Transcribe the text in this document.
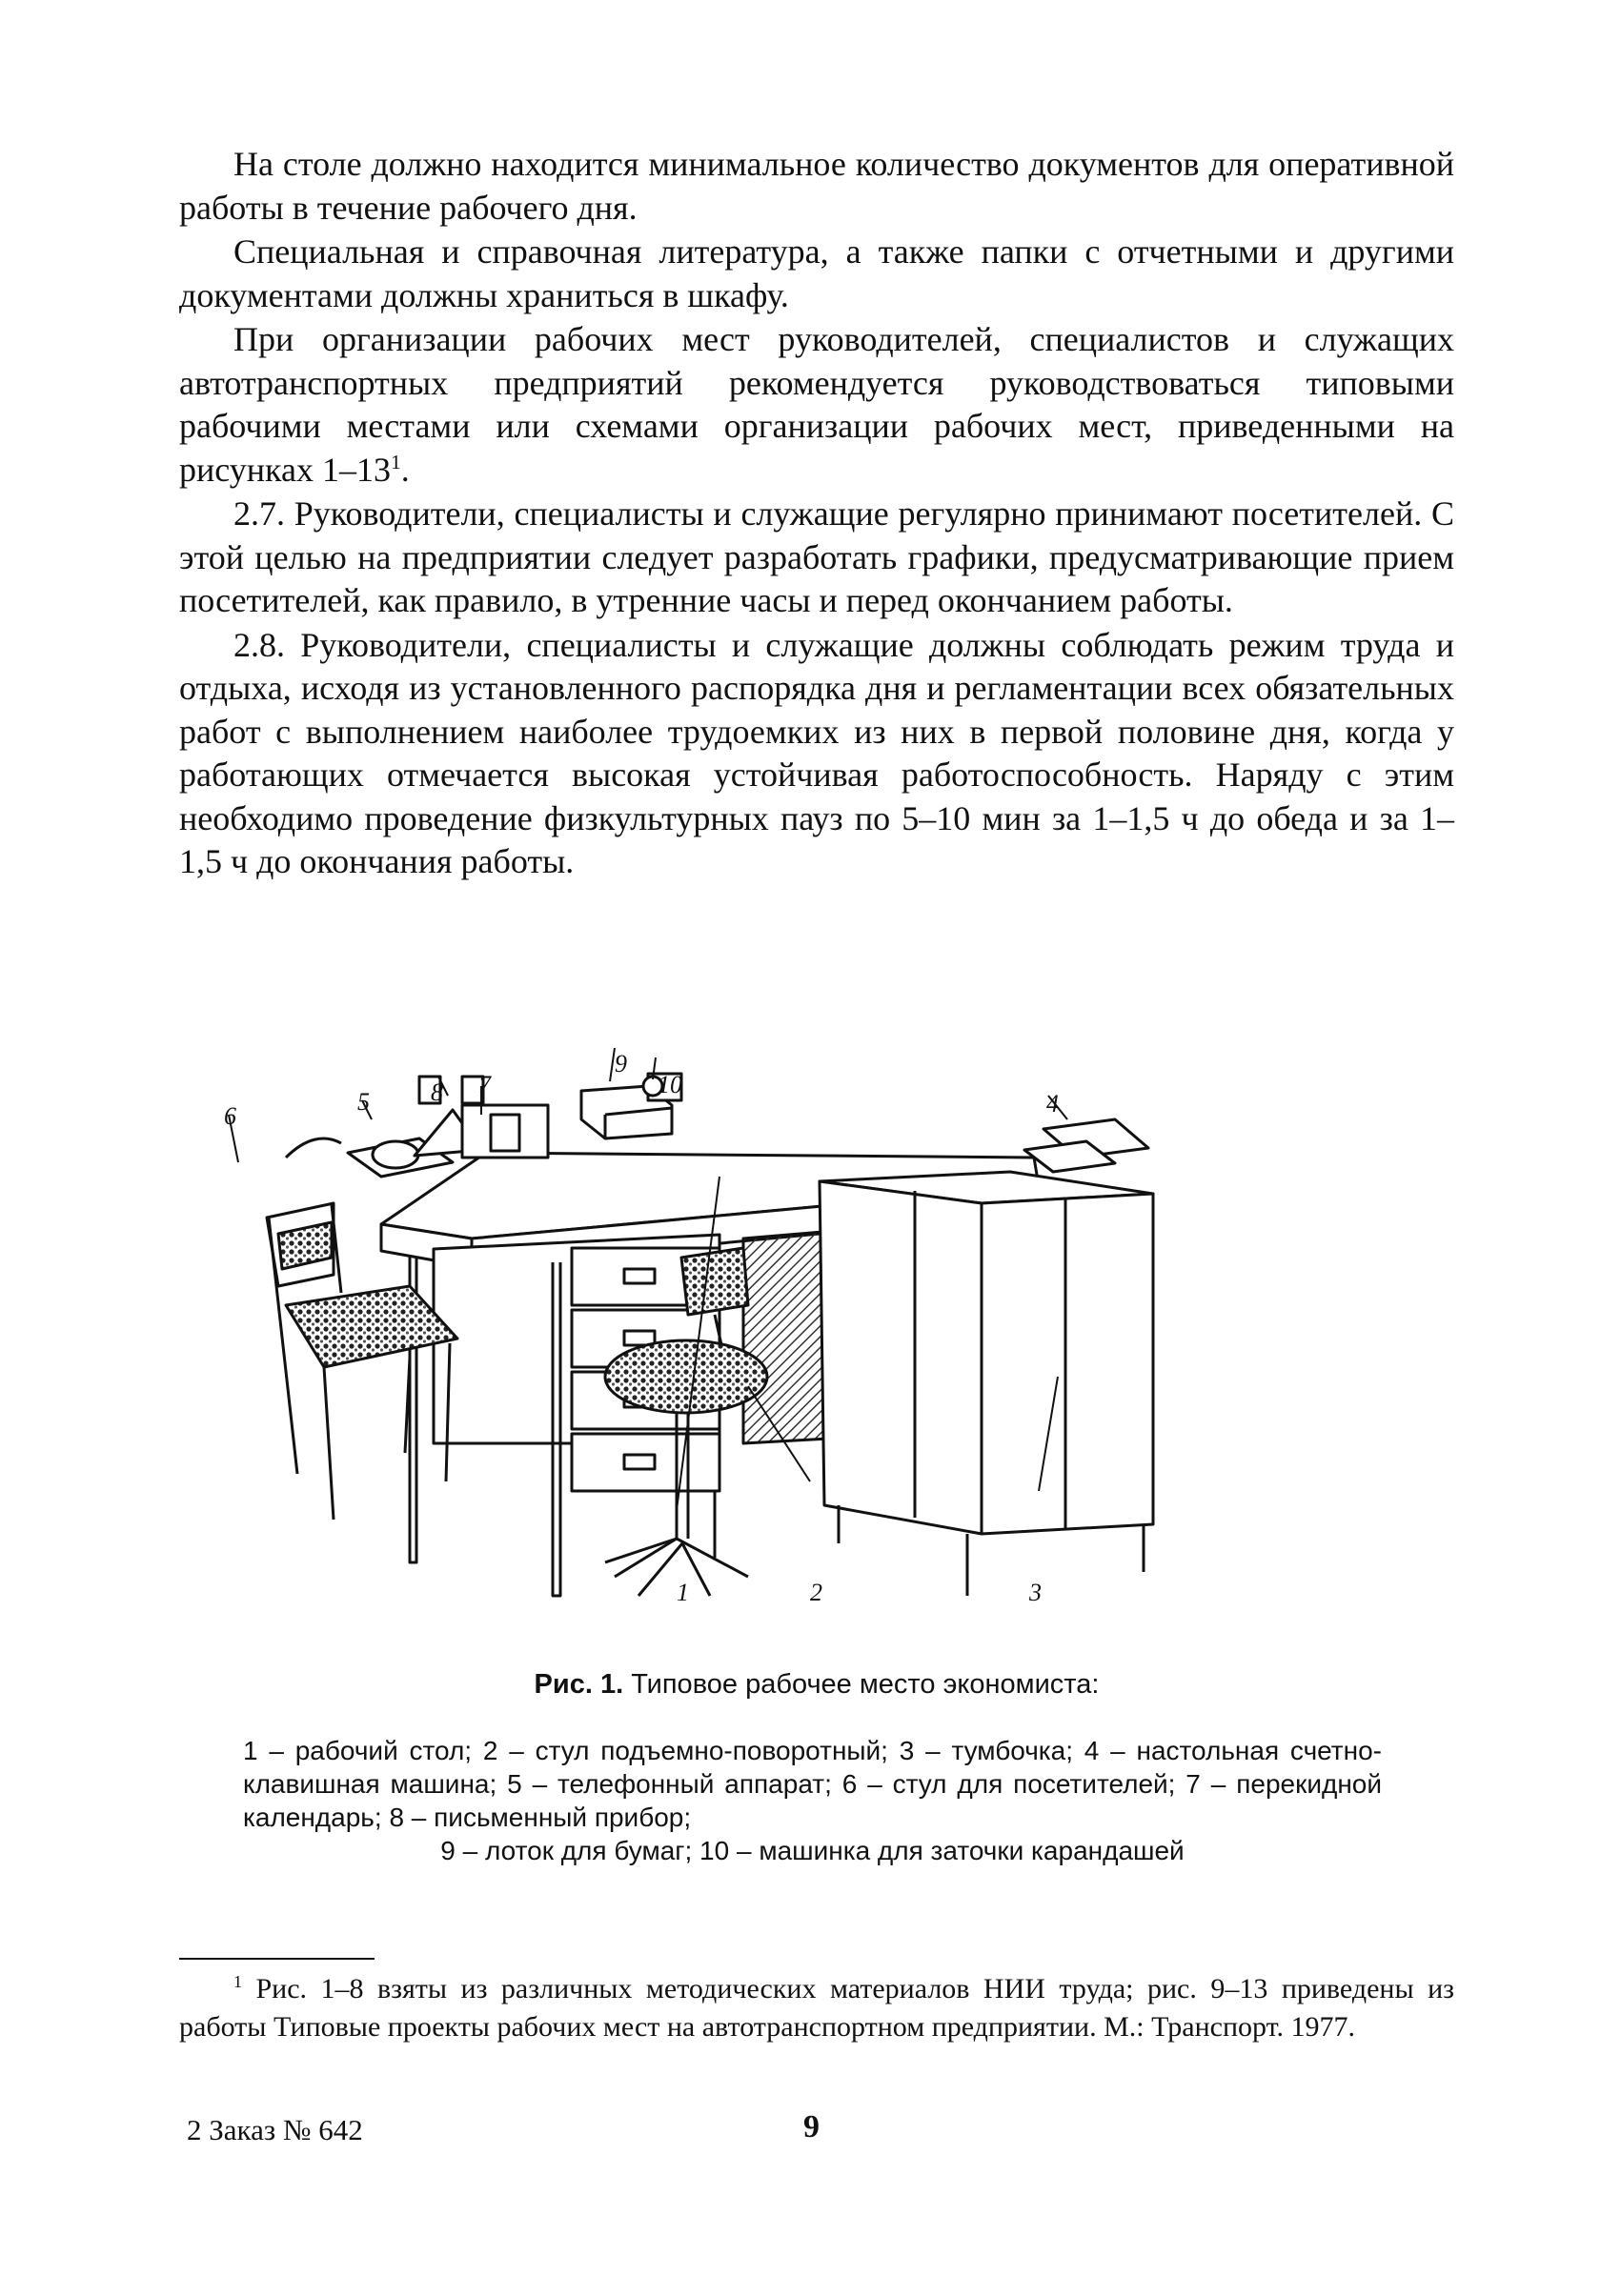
На столе должно находится минимальное количество документов для оперативной работы в течение рабочего дня.

Специальная и справочная литература, а также папки с отчетными и другими документами должны храниться в шкафу.

При организации рабочих мест руководителей, специалистов и служащих автотранспортных предприятий рекомендуется руководствоваться типовыми рабочими местами или схемами организации рабочих мест, приведенными на рисунках $1-13^1$.

2.7. Руководители, специалисты и служащие регулярно принимают посетителей. С этой целью на предприятии следует разработать графики, предусматривающие прием посетителей, как правило, в утренние часы и перед окончанием работы.

2.8. Руководители, специалисты и служащие должны соблюдать режим труда и отдыха, исходя из установленного распорядка дня и регламентации всех обязательных работ с выполнением наиболее трудоемких из них в первой половине дня, когда у работающих отмечается высокая устойчивая работоспособность. Наряду с этим необходимо проведение физкультурных пауз по 5–10 мин за 1–1,5 ч до обеда и за 1–1,5 ч до окончания работы.

1	2	3
4
5
6
7
8
9
10
Рис. 1. Типовое рабочее место экономиста:
1 – рабочий стол; 2 – стул подъемно-поворотный; 3 – тумбочка; 4 – настольная счетно-клавишная машина; 5 – телефонный аппарат; 6 – стул для посетителей; 7 – перекидной календарь; 8 – письменный прибор;
9 – лоток для бумаг; 10 – машинка для заточки карандашей

$^1$ Рис. 1–8 взяты из различных методических материалов НИИ труда; рис. 9–13 приведены из работы Типовые проекты рабочих мест на автотранспортном предприятии. М.: Транспорт. 1977.

2 Заказ № 642	9
